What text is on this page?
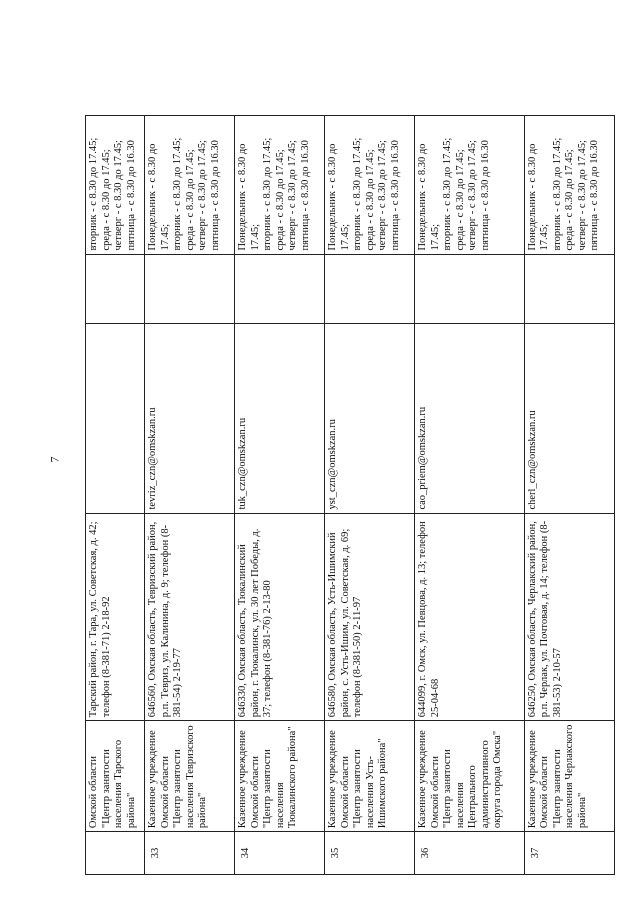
7

	Омской области "Центр занятости населения Тарского района"	Тарский район, г. Тара, ул. Советская, д. 42; телефон (8-381-71) 2-18-92			вторник - с 8.30 до 17.45;
среда - с 8.30 до 17.45;
четверг - с 8.30 до 17.45;
пятница - с 8.30 до 16.30

33	Казенное учреждение Омской области "Центр занятости населения Тевризского района"	646560, Омская область, Тевризский район, р.п. Тевриз, ул. Калинина, д. 9; телефон (8-381-54) 2-19-77	tevriz_czn@omskzan.ru		Понедельник - с 8.30 до 17.45;
вторник - с 8.30 до 17.45;
среда - с 8.30 до 17.45;
четверг - с 8.30 до 17.45;
пятница - с 8.30 до 16.30

34	Казенное учреждение Омской области "Центр занятости населения Тюкалинского района"	646330, Омская область, Тюкалинский район, г. Тюкалинск, ул. 30 лет Победы, д. 37; телефон (8-381-76) 2-13-80	tuk_czn@omskzan.ru		Понедельник - с 8.30 до 17.45;
вторник - с 8.30 до 17.45;
среда - с 8.30 до 17.45;
четверг - с 8.30 до 17.45;
пятница - с 8.30 до 16.30

35	Казенное учреждение Омской области "Центр занятости населения Усть-Ишимского района"	646580, Омская область, Усть-Ишимский район, с. Усть-Ишим, ул. Советская, д. 69; телефон (8-381-50) 2-11-97	yst_czn@omskzan.ru		Понедельник - с 8.30 до 17.45;
вторник - с 8.30 до 17.45;
среда - с 8.30 до 17.45;
четверг - с 8.30 до 17.45;
пятница - с 8.30 до 16.30

36	Казенное учреждение Омской области "Центр занятости населения Центрального административного округа города Омска"	644099, г. Омск, ул. Певцова, д. 13; телефон 25-04-68	cao_priem@omskzan.ru		Понедельник - с 8.30 до 17.45;
вторник - с 8.30 до 17.45;
среда - с 8.30 до 17.45;
четверг - с 8.30 до 17.45;
пятница - с 8.30 до 16.30

37	Казенное учреждение Омской области "Центр занятости населения Черлакского района"	646250, Омская область, Черлакский район, р.п. Черлак, ул. Почтовая, д. 14; телефон (8-381-53) 2-10-57	cherl_czn@omskzan.ru		Понедельник - с 8.30 до 17.45;
вторник - с 8.30 до 17.45;
среда - с 8.30 до 17.45;
четверг - с 8.30 до 17.45;
пятница - с 8.30 до 16.30
